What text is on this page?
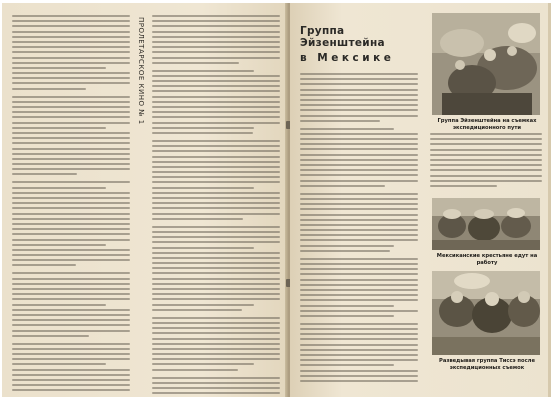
ПРОЛЕТАРСКОЕ КИНО № 1	Группа Эйзенштейна
в Мексике
Группа Эйзенштейна на съемках экспедиционного пути
Мексиканские крестьяне едут на работу
Разведывая группа Тиссэ после экспедиционных съемок
